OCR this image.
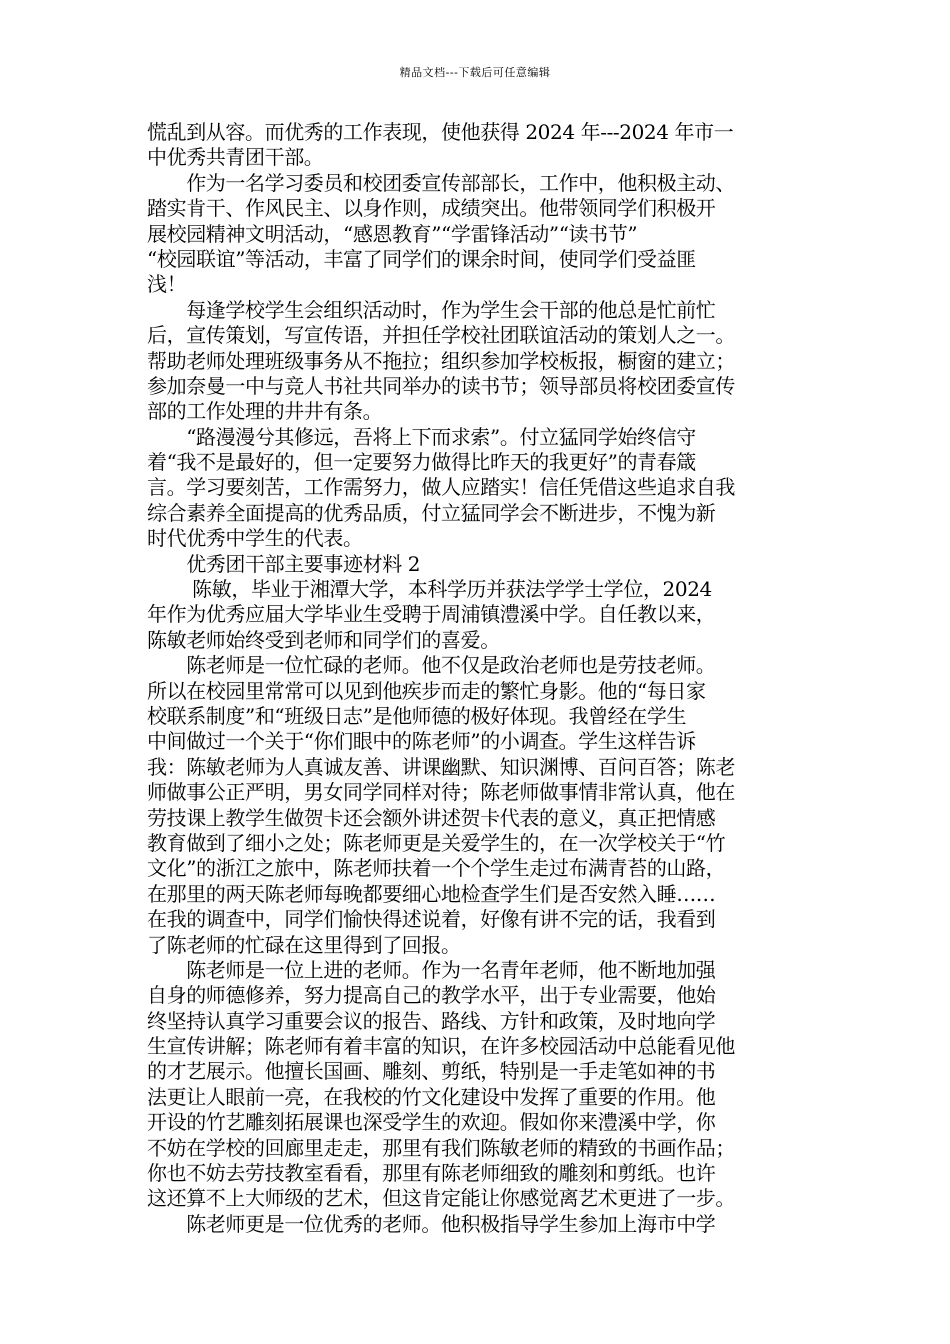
精品文档---下载后可任意编辑
慌乱到从容。而优秀的工作表现，使他获得 2024 年---2024 年市一
中优秀共青团干部。
　　作为一名学习委员和校团委宣传部部长，工作中，他积极主动、
踏实肯干、作风民主、以身作则，成绩突出。他带领同学们积极开
展校园精神文明活动，“感恩教育”“学雷锋活动”“读书节”
“校园联谊”等活动，丰富了同学们的课余时间，使同学们受益匪
浅！
　　每逢学校学生会组织活动时，作为学生会干部的他总是忙前忙
后，宣传策划，写宣传语，并担任学校社团联谊活动的策划人之一。
帮助老师处理班级事务从不拖拉；组织参加学校板报，橱窗的建立；
参加奈曼一中与竞人书社共同举办的读书节；领导部员将校团委宣传
部的工作处理的井井有条。
　　“路漫漫兮其修远，吾将上下而求索”。付立猛同学始终信守
着“我不是最好的，但一定要努力做得比昨天的我更好”的青春箴
言。学习要刻苦，工作需努力，做人应踏实！信任凭借这些追求自我
综合素养全面提高的优秀品质，付立猛同学会不断进步，不愧为新
时代优秀中学生的代表。
　　优秀团干部主要事迹材料 2
　　 陈敏，毕业于湘潭大学，本科学历并获法学学士学位，2024
年作为优秀应届大学毕业生受聘于周浦镇澧溪中学。自任教以来，
陈敏老师始终受到老师和同学们的喜爱。
　　陈老师是一位忙碌的老师。他不仅是政治老师也是劳技老师。
所以在校园里常常可以见到他疾步而走的繁忙身影。他的“每日家
校联系制度”和“班级日志”是他师德的极好体现。我曾经在学生
中间做过一个关于“你们眼中的陈老师”的小调查。学生这样告诉
我：陈敏老师为人真诚友善、讲课幽默、知识渊博、百问百答；陈老
师做事公正严明，男女同学同样对待；陈老师做事情非常认真，他在
劳技课上教学生做贺卡还会额外讲述贺卡代表的意义，真正把情感
教育做到了细小之处；陈老师更是关爱学生的，在一次学校关于“竹
文化”的浙江之旅中，陈老师扶着一个个学生走过布满青苔的山路，
在那里的两天陈老师每晚都要细心地检查学生们是否安然入睡……
在我的调查中，同学们愉快得述说着，好像有讲不完的话，我看到
了陈老师的忙碌在这里得到了回报。
　　陈老师是一位上进的老师。作为一名青年老师，他不断地加强
自身的师德修养，努力提高自己的教学水平，出于专业需要，他始
终坚持认真学习重要会议的报告、路线、方针和政策，及时地向学
生宣传讲解；陈老师有着丰富的知识，在许多校园活动中总能看见他
的才艺展示。他擅长国画、雕刻、剪纸，特别是一手走笔如神的书
法更让人眼前一亮，在我校的竹文化建设中发挥了重要的作用。他
开设的竹艺雕刻拓展课也深受学生的欢迎。假如你来澧溪中学，你
不妨在学校的回廊里走走，那里有我们陈敏老师的精致的书画作品；
你也不妨去劳技教室看看，那里有陈老师细致的雕刻和剪纸。也许
这还算不上大师级的艺术，但这肯定能让你感觉离艺术更进了一步。
　　陈老师更是一位优秀的老师。他积极指导学生参加上海市中学
